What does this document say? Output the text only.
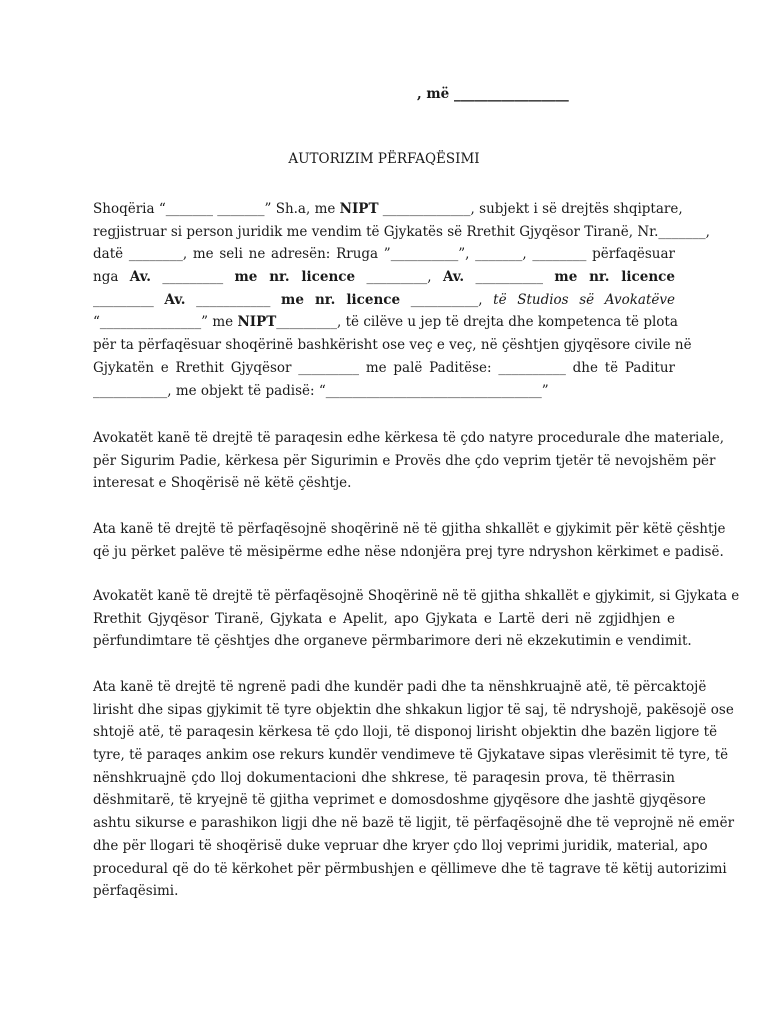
, më _________________
AUTORIZIM PËRFAQËSIMI
Shoqëria “_______ _______” Sh.a, me NIPT _____________, subjekt i së drejtës shqiptare,
regjistruar si person juridik me vendim të Gjykatës së Rrethit Gjyqësor Tiranë, Nr._______,
datë ________, me seli ne adresën: Rruga ”__________”, _______, ________ përfaqësuar
nga Av. _________ me nr. licence _________, Av. __________ me nr. licence
_________ Av. ___________ me nr. licence __________, të Studios së Avokatëve
“_______________” me NIPT_________, të cilëve u jep të drejta dhe kompetenca të plota
për ta përfaqësuar shoqërinë bashkërisht ose veç e veç, në çështjen gjyqësore civile në
Gjykatën e Rrethit Gjyqësor _________ me palë Paditëse: __________ dhe të Paditur
___________, me objekt të padisë: “________________________________”
Avokatët kanë të drejtë të paraqesin edhe kërkesa të çdo natyre procedurale dhe materiale,
për Sigurim Padie, kërkesa për Sigurimin e Provës dhe çdo veprim tjetër të nevojshëm për
interesat e Shoqërisë në këtë çështje.
Ata kanë të drejtë të përfaqësojnë shoqërinë në të gjitha shkallët e gjykimit për këtë çështje
që ju përket palëve të mësipërme edhe nëse ndonjëra prej tyre ndryshon kërkimet e padisë.
Avokatët kanë të drejtë të përfaqësojnë Shoqërinë në të gjitha shkallët e gjykimit, si Gjykata e
Rrethit Gjyqësor Tiranë, Gjykata e Apelit, apo Gjykata e Lartë deri në zgjidhjen e
përfundimtare të çështjes dhe organeve përmbarimore deri në ekzekutimin e vendimit.
Ata kanë të drejtë të ngrenë padi dhe kundër padi dhe ta nënshkruajnë atë, të përcaktojë
lirisht dhe sipas gjykimit të tyre objektin dhe shkakun ligjor të saj, të ndryshojë, pakësojë ose
shtojë atë, të paraqesin kërkesa të çdo lloji, të disponoj lirisht objektin dhe bazën ligjore të
tyre, të paraqes ankim ose rekurs kundër vendimeve të Gjykatave sipas vlerësimit të tyre, të
nënshkruajnë çdo lloj dokumentacioni dhe shkrese, të paraqesin prova, të thërrasin
dëshmitarë, të kryejnë të gjitha veprimet e domosdoshme gjyqësore dhe jashtë gjyqësore
ashtu sikurse e parashikon ligji dhe në bazë të ligjit, të përfaqësojnë dhe të veprojnë në emër
dhe për llogari të shoqërisë duke vepruar dhe kryer çdo lloj veprimi juridik, material, apo
procedural që do të kërkohet për përmbushjen e qëllimeve dhe të tagrave të këtij autorizimi
përfaqësimi.
